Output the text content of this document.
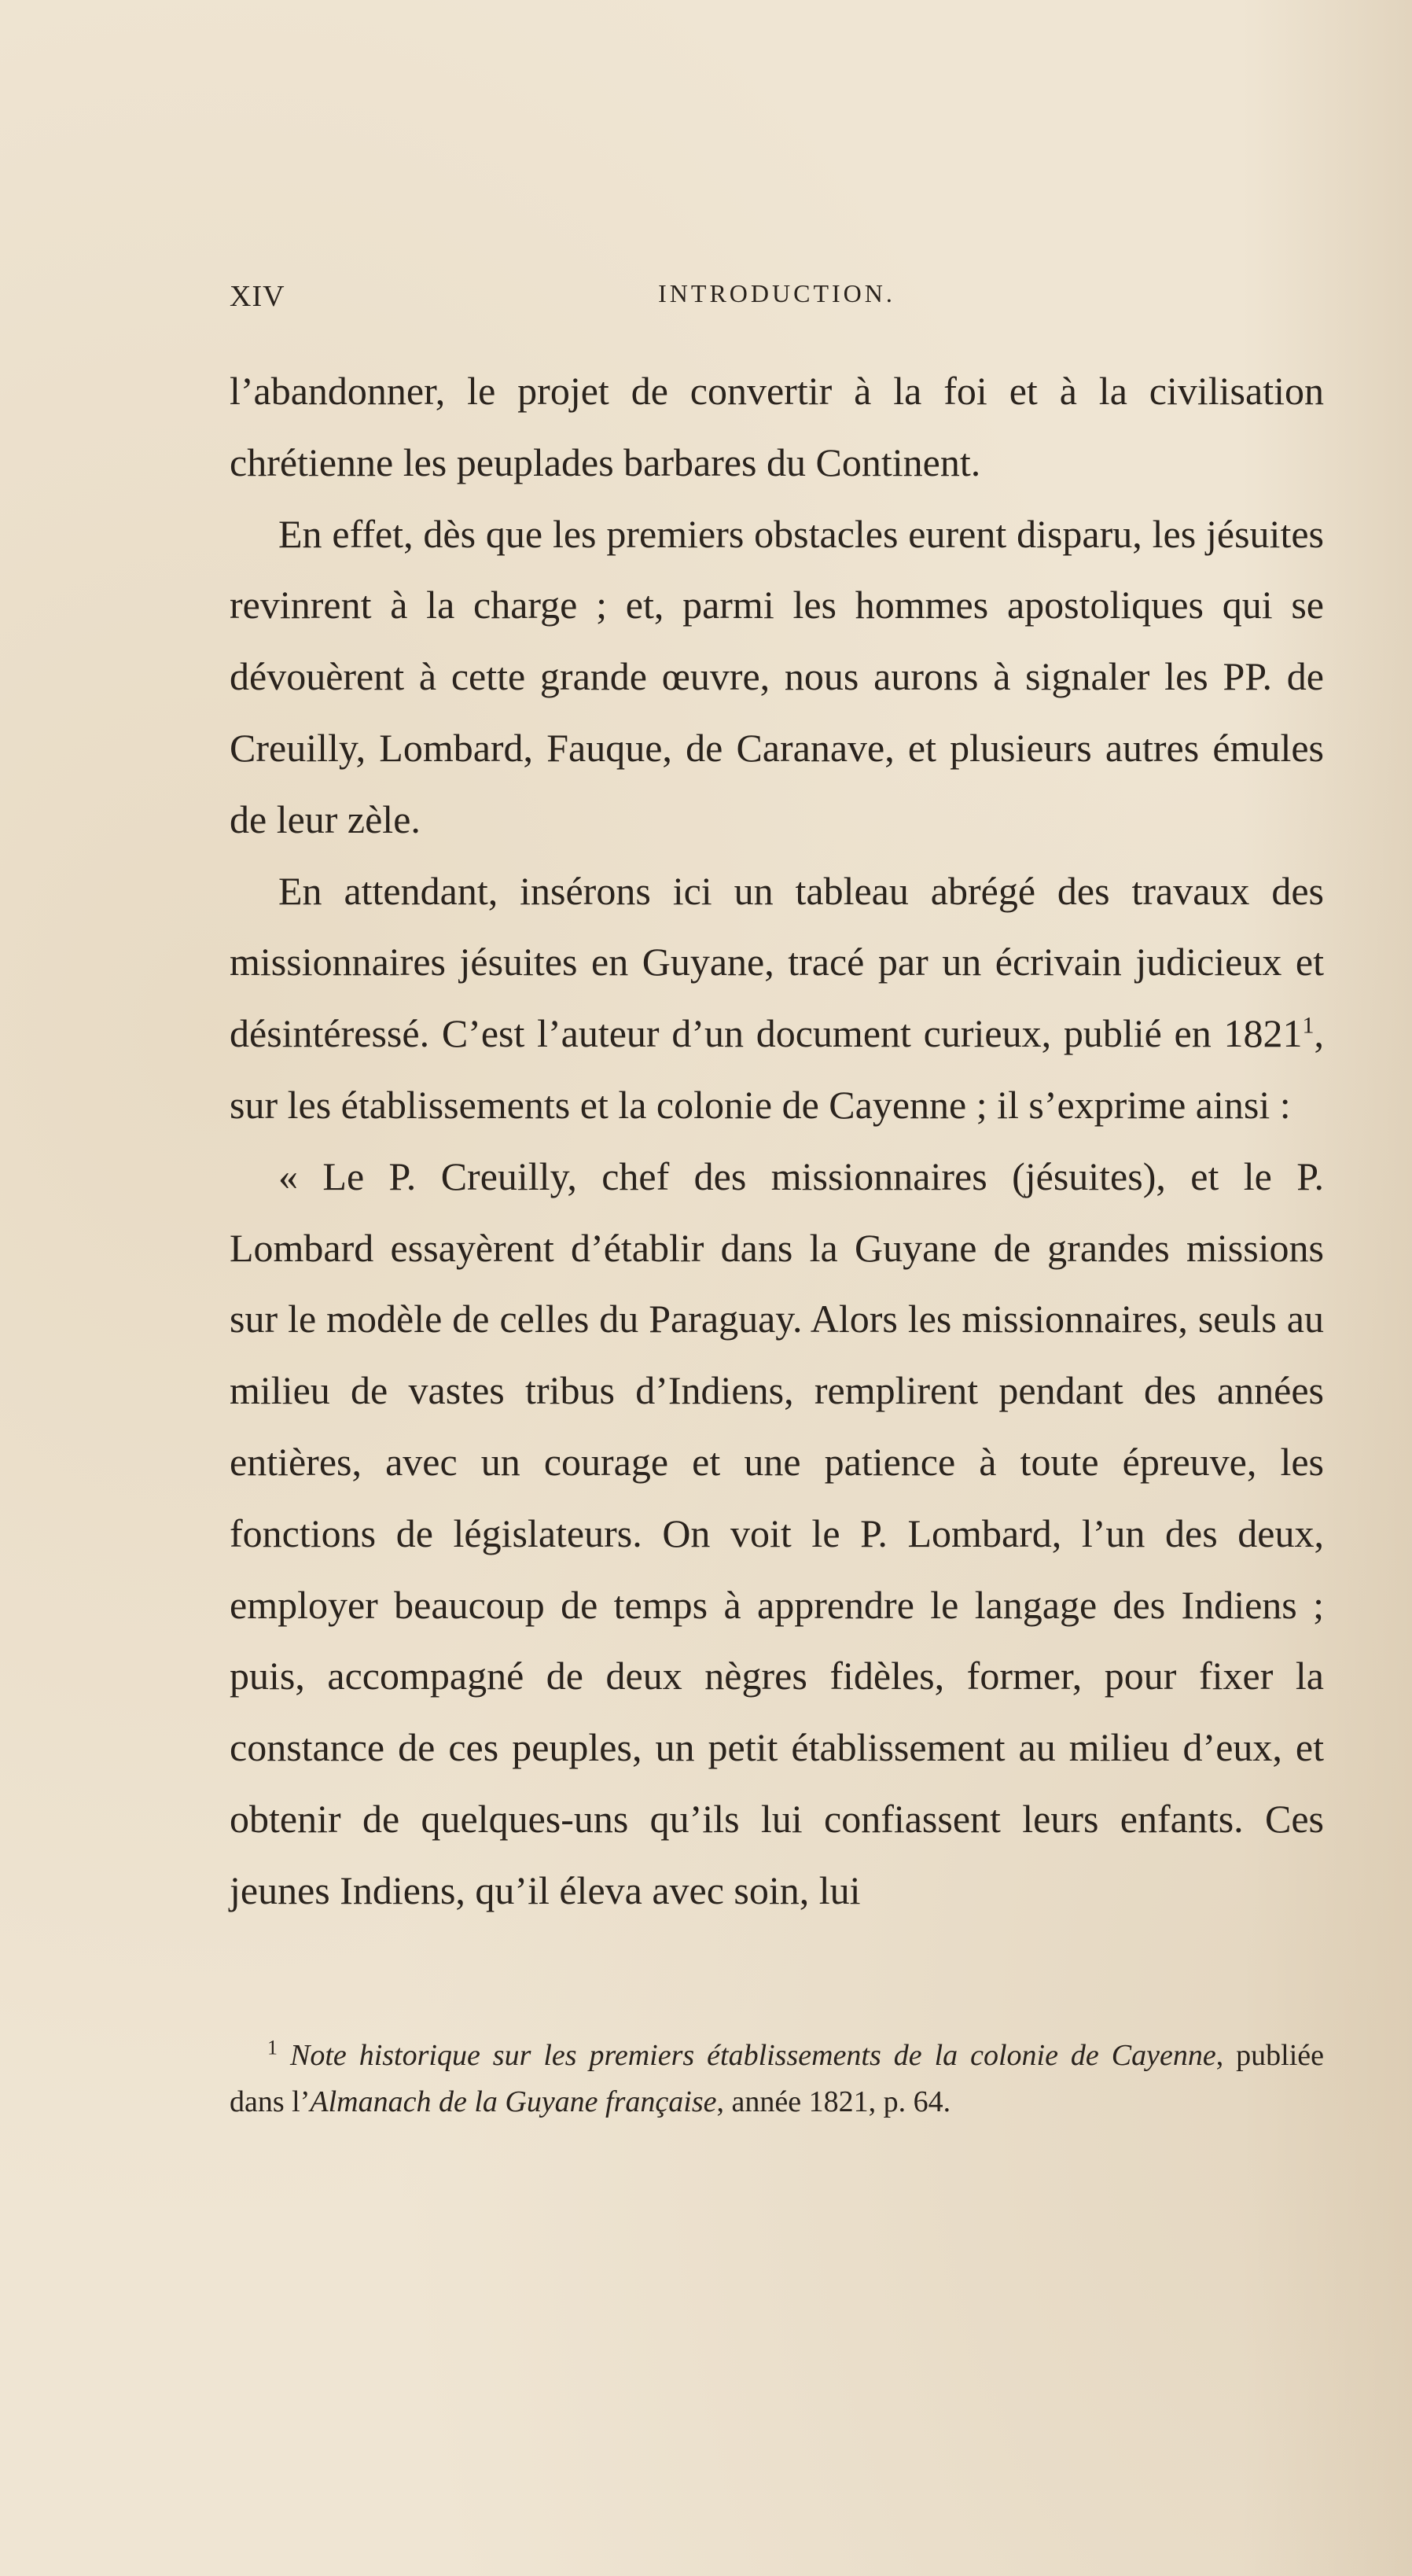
XIV	INTRODUCTION.

l’abandonner, le projet de convertir à la foi et à la civilisation chrétienne les peuplades barbares du Continent.

En effet, dès que les premiers obstacles eurent disparu, les jésuites revinrent à la charge ; et, parmi les hommes apostoliques qui se dévouèrent à cette grande œuvre, nous aurons à signaler les PP. de Creuilly, Lombard, Fauque, de Caranave, et plusieurs autres émules de leur zèle.

En attendant, insérons ici un tableau abrégé des travaux des missionnaires jésuites en Guyane, tracé par un écrivain judicieux et désintéressé. C’est l’auteur d’un document curieux, publié en 1821$^1$, sur les établissements et la colonie de Cayenne ; il s’exprime ainsi :

« Le P. Creuilly, chef des missionnaires (jésuites), et le P. Lombard essayèrent d’établir dans la Guyane de grandes missions sur le modèle de celles du Paraguay. Alors les missionnaires, seuls au milieu de vastes tribus d’Indiens, remplirent pendant des années entières, avec un courage et une patience à toute épreuve, les fonctions de législateurs. On voit le P. Lombard, l’un des deux, employer beaucoup de temps à apprendre le langage des Indiens ; puis, accompagné de deux nègres fidèles, former, pour fixer la constance de ces peuples, un petit établissement au milieu d’eux, et obtenir de quelques-uns qu’ils lui confiassent leurs enfants. Ces jeunes Indiens, qu’il éleva avec soin, lui

$^1$ Note historique sur les premiers établissements de la colonie de Cayenne, publiée dans l’Almanach de la Guyane française, année 1821, p. 64.
